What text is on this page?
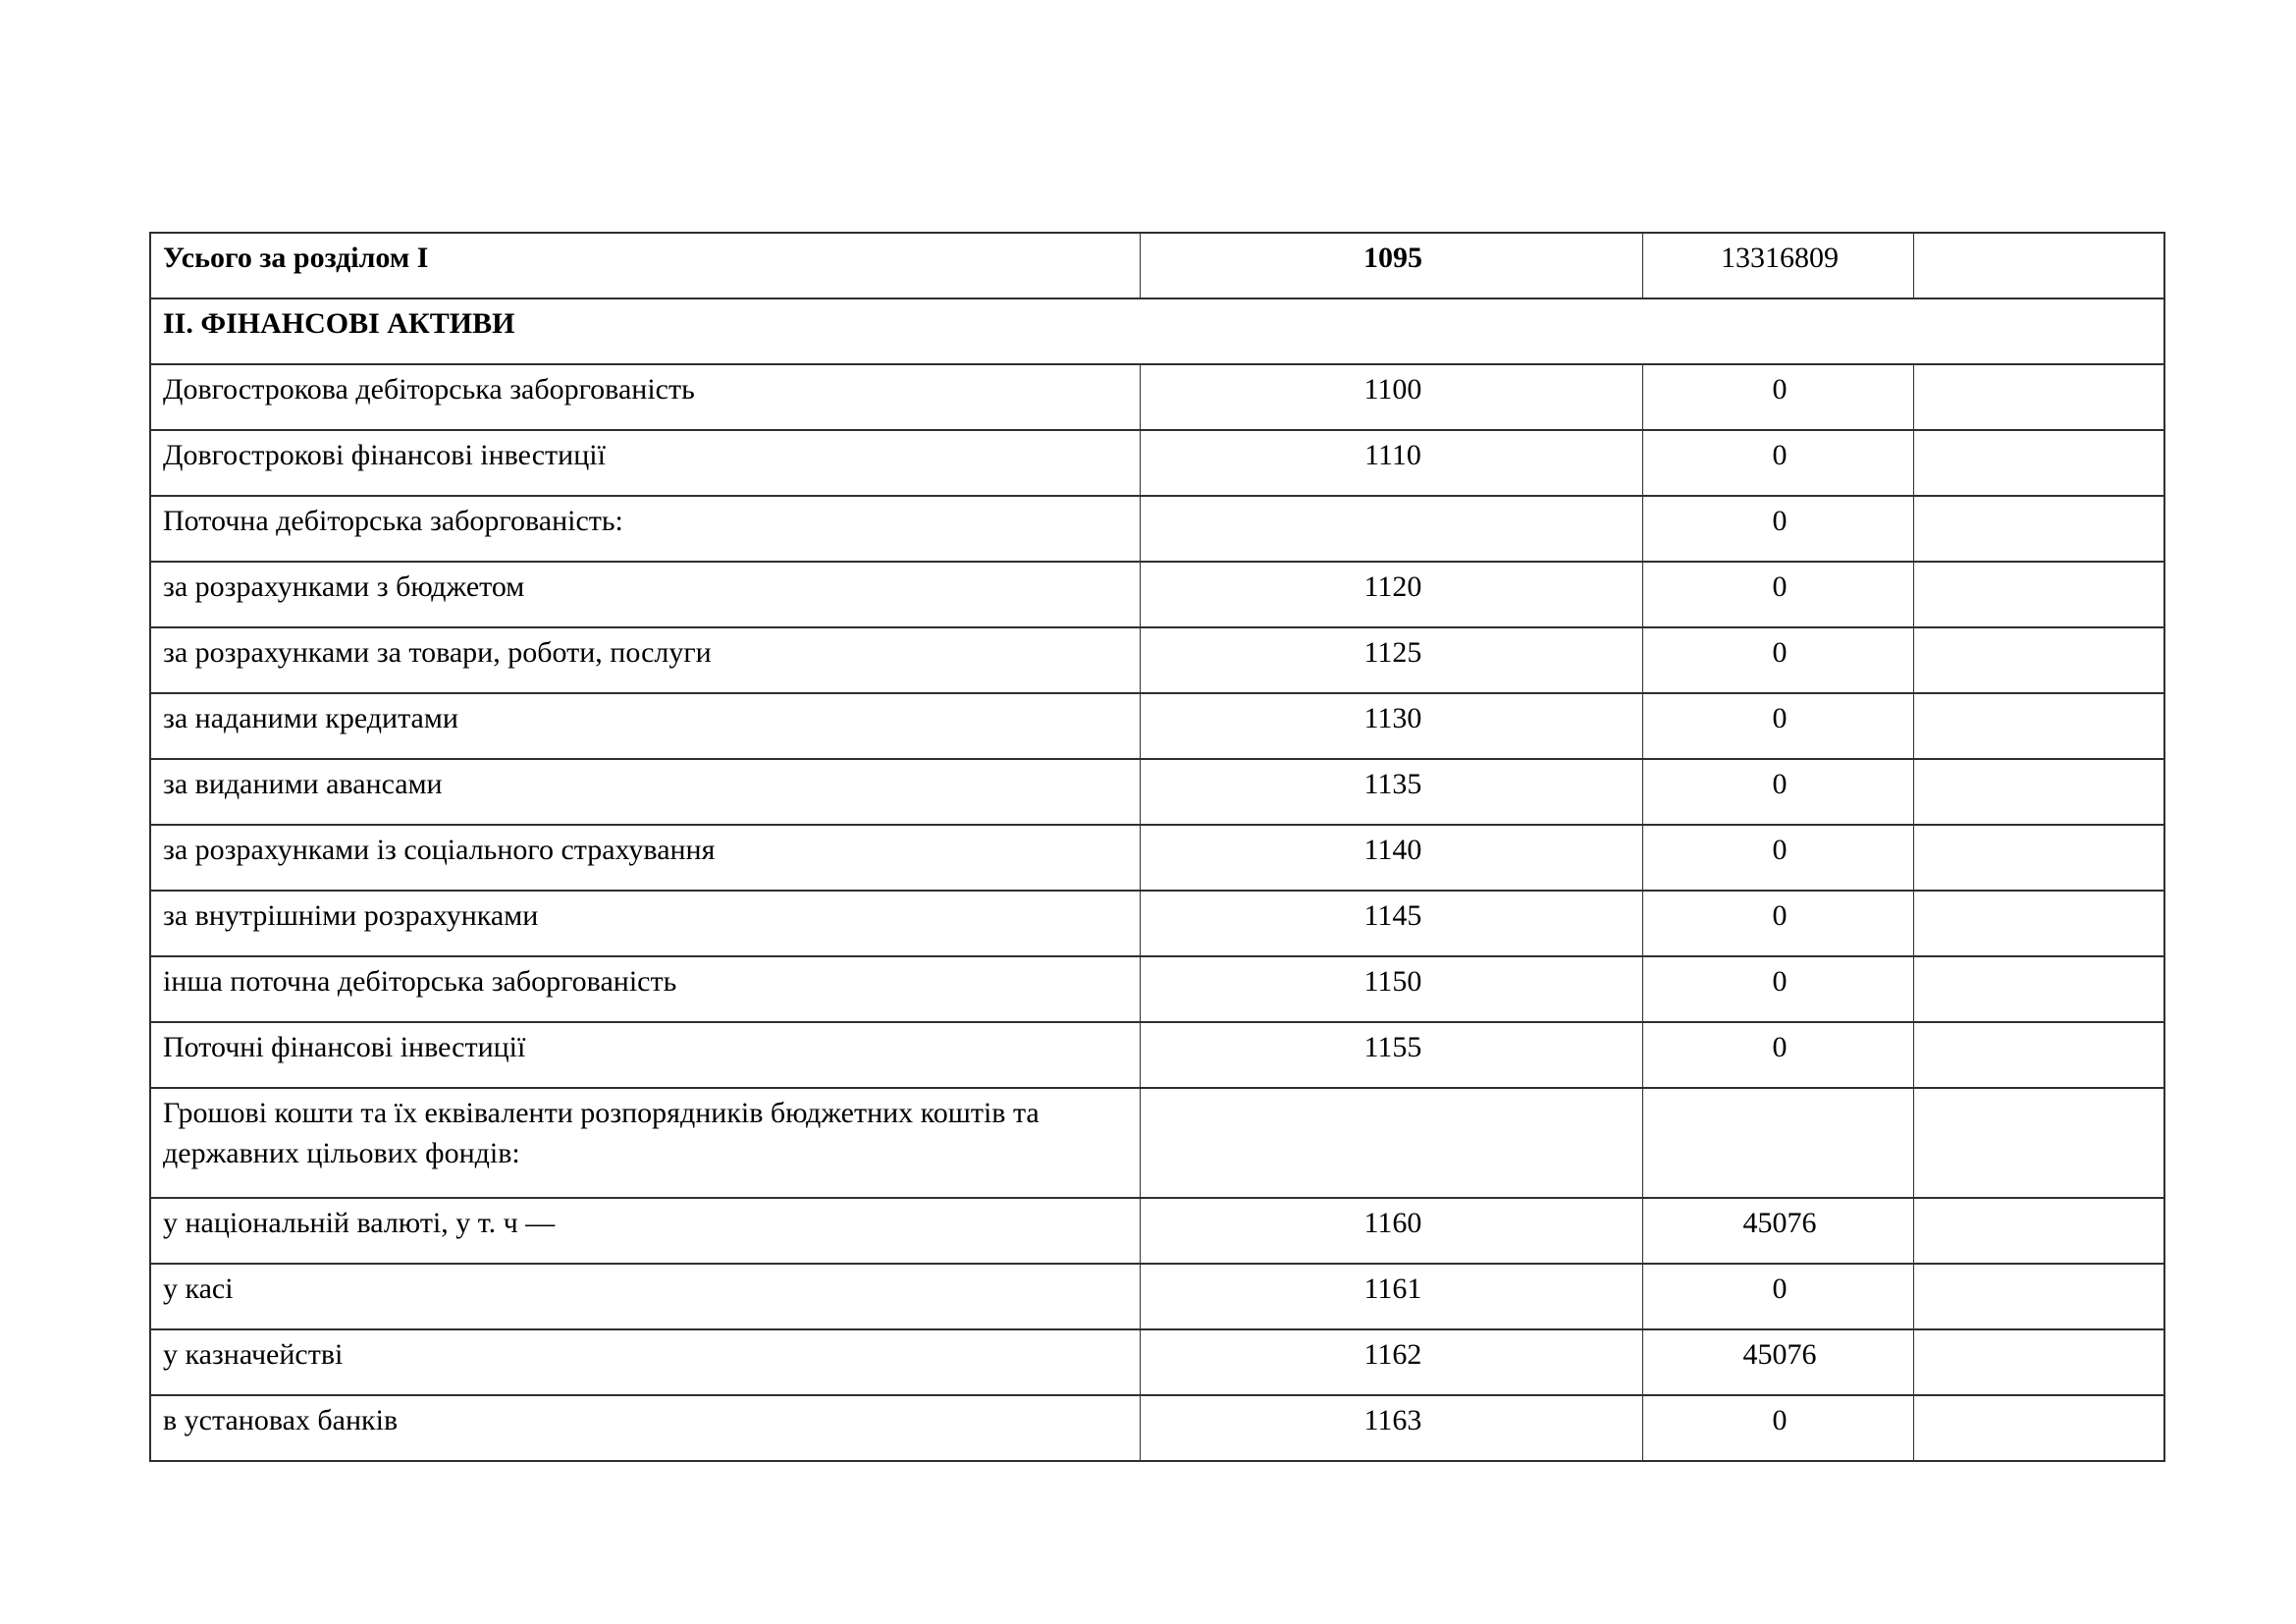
Усього за розділом I	1095	13316809	
II. ФІНАНСОВІ АКТИВИ			

Довгострокова дебіторська заборгованість	1100	0	

Довгострокові фінансові інвестиції	1110	0	

Поточна дебіторська заборгованість:		0	

за розрахунками з бюджетом	1120	0	

за розрахунками за товари, роботи, послуги	1125	0	

за наданими кредитами	1130	0	

за виданими авансами	1135	0	

за розрахунками із соціального страхування	1140	0	

за внутрішніми розрахунками	1145	0	

інша поточна дебіторська заборгованість	1150	0	

Поточні фінансові інвестиції	1155	0	

Грошові кошти та їх еквіваленти розпорядників бюджетних коштів та державних цільових фондів:			

у національній валюті, у т. ч —	1160	45076	

у касі	1161	0	

у казначействі	1162	45076	

в установах банків	1163	0	
